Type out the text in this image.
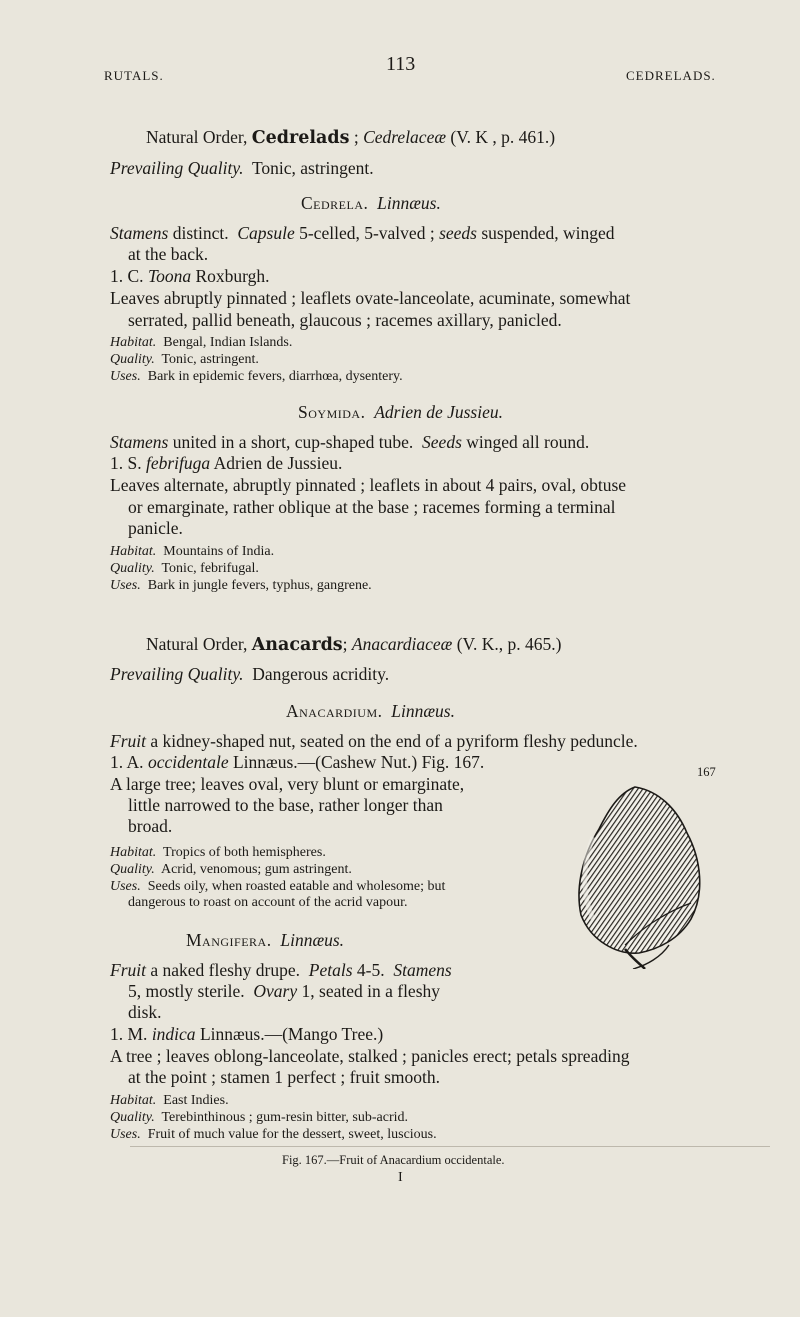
RUTALS.
113
CEDRELADS.
Natural Order, Cedrelads ; Cedrelaceæ (V. K , p. 461.)
Prevailing Quality. Tonic, astringent.
Cedrela. Linnæus.
Stamens distinct. Capsule 5-celled, 5-valved ; seeds suspended, winged
at the back.
1. C. Toona Roxburgh.
Leaves abruptly pinnated ; leaflets ovate-lanceolate, acuminate, somewhat
serrated, pallid beneath, glaucous ; racemes axillary, panicled.
Habitat. Bengal, Indian Islands.
Quality. Tonic, astringent.
Uses. Bark in epidemic fevers, diarrhœa, dysentery.
Soymida. Adrien de Jussieu.
Stamens united in a short, cup-shaped tube. Seeds winged all round.
1. S. febrifuga Adrien de Jussieu.
Leaves alternate, abruptly pinnated ; leaflets in about 4 pairs, oval, obtuse
or emarginate, rather oblique at the base ; racemes forming a terminal
panicle.
Habitat. Mountains of India.
Quality. Tonic, febrifugal.
Uses. Bark in jungle fevers, typhus, gangrene.
Natural Order, Anacards; Anacardiaceæ (V. K., p. 465.)
Prevailing Quality. Dangerous acridity.
Anacardium. Linnæus.
Fruit a kidney-shaped nut, seated on the end of a pyriform fleshy peduncle.
1. A. occidentale Linnæus.—(Cashew Nut.) Fig. 167.
A large tree; leaves oval, very blunt or emarginate,
little narrowed to the base, rather longer than
broad.
Habitat. Tropics of both hemispheres.
Quality. Acrid, venomous; gum astringent.
Uses. Seeds oily, when roasted eatable and wholesome; but
dangerous to roast on account of the acrid vapour.
Mangifera. Linnæus.
Fruit a naked fleshy drupe. Petals 4-5. Stamens
5, mostly sterile. Ovary 1, seated in a fleshy
disk.
1. M. indica Linnæus.—(Mango Tree.)
A tree ; leaves oblong-lanceolate, stalked ; panicles erect; petals spreading
at the point ; stamen 1 perfect ; fruit smooth.
Habitat. East Indies.
Quality. Terebinthinous ; gum-resin bitter, sub-acrid.
Uses. Fruit of much value for the dessert, sweet, luscious.
167
Fig. 167.—Fruit of Anacardium occidentale.
I
